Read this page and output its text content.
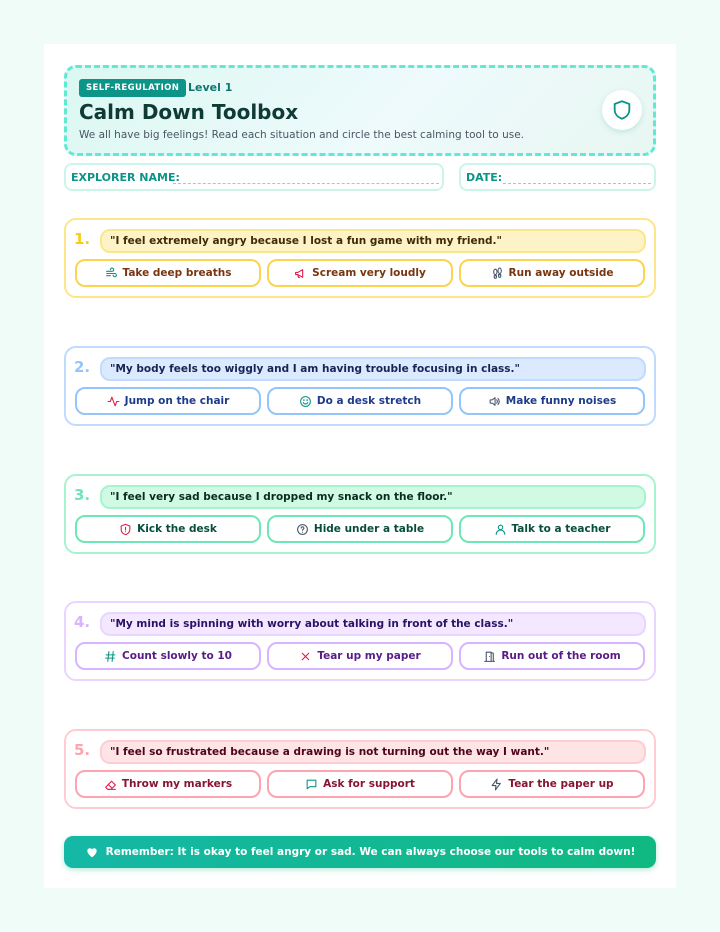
SELF-REGULATION Level 1
Calm Down Toolbox
We all have big feelings! Read each situation and circle the best calming tool to use.
EXPLORER NAME:	DATE:
1.	"I feel extremely angry because I lost a fun game with my friend."
Take deep breaths	Scream very loudly	Run away outside
2.	"My body feels too wiggly and I am having trouble focusing in class."
Jump on the chair	Do a desk stretch	Make funny noises
3.	"I feel very sad because I dropped my snack on the floor."
Kick the desk	Hide under a table	Talk to a teacher
4.	"My mind is spinning with worry about talking in front of the class."
Count slowly to 10	Tear up my paper	Run out of the room
5.	"I feel so frustrated because a drawing is not turning out the way I want."
Throw my markers	Ask for support	Tear the paper up
Remember: It is okay to feel angry or sad. We can always choose our tools to calm down!
